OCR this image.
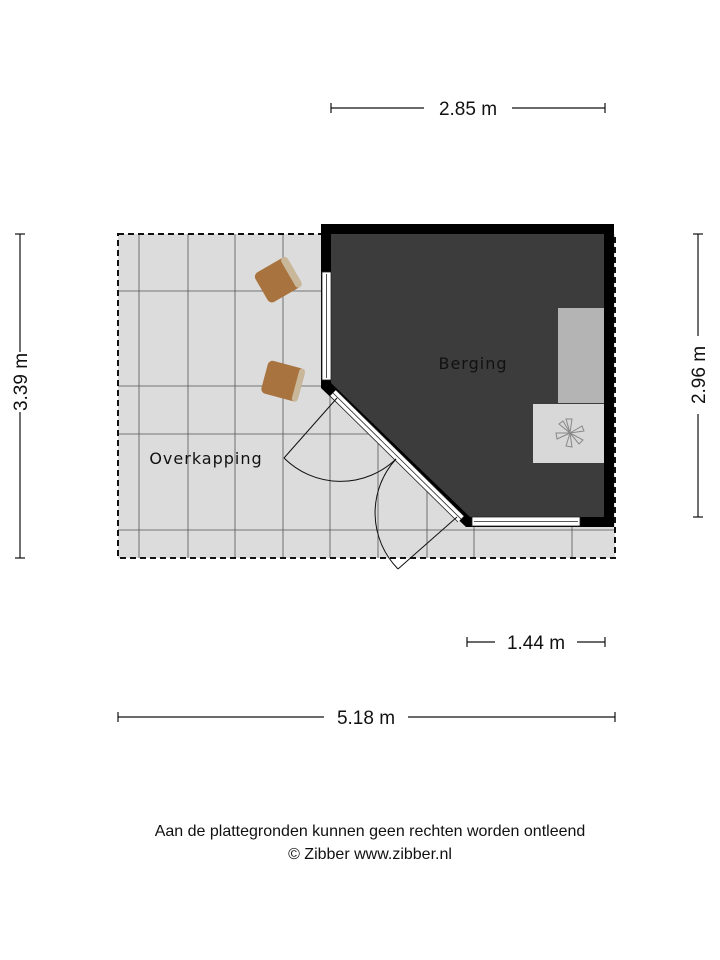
Berging
Overkapping
2.85 m
2.96 m
3.39 m
1.44 m
5.18 m
Aan de plattegronden kunnen geen rechten worden ontleend
© Zibber www.zibber.nl
